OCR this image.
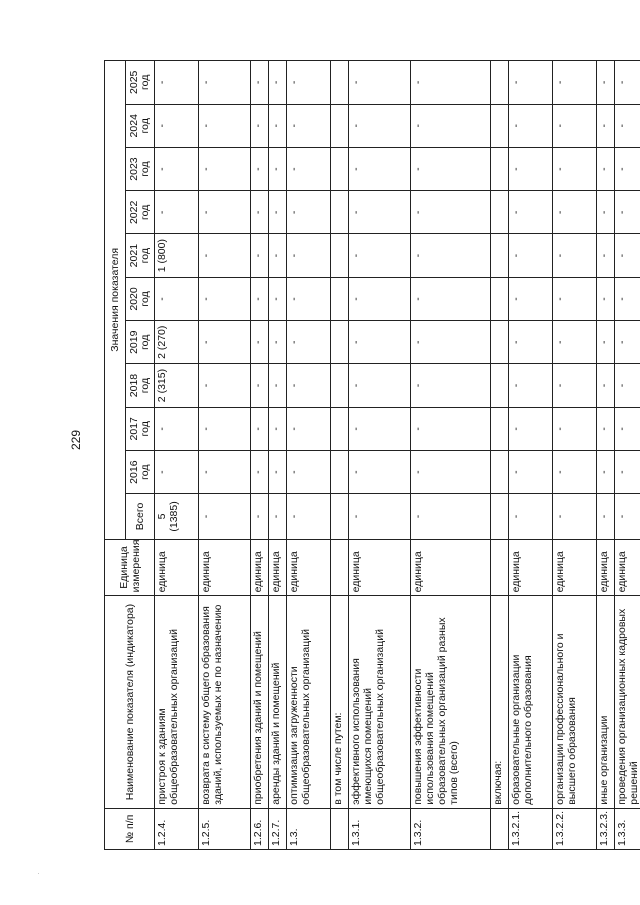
229
·
№ п/п	Наименование показателя (индикатора)	Единица измерения	Значения показателя										
			Всего	2016 год	2017 год	2018 год	2019 год	2020 год	2021 год	2022 год	2023 год	2024 год	2025 год
1.2.4.	пристроя к зданиям общеобразовательных организаций	единица	5 (1385)	-	-	2 (315)	2 (270)	-	1 (800)	-	-	-	-
1.2.5.	возврата в систему общего образования зданий, используемых не по назначению	единица	-	-	-	-	-	-	-	-	-	-	-
1.2.6.	приобретения зданий и помещений	единица	-	-	-	-	-	-	-	-	-	-	-
1.2.7.	аренды зданий и помещений	единица	-	-	-	-	-	-	-	-	-	-	-
1.3.	оптимизации загруженности общеобразовательных организаций	единица	-	-	-	-	-	-	-	-	-	-	-
	в том числе путем:												
1.3.1.	эффективного использования имеющихся помещений общеобразовательных организаций	единица	-	-	-	-	-	-	-	-	-	-	-
1.3.2.	повышения эффективности использования помещений образовательных организаций разных типов (всего)	единица	-	-	-	-	-	-	-	-	-	-	-
	включая:												
1.3.2.1.	образовательные организации дополнительного образования	единица	-	-	-	-	-	-	-	-	-	-	-
1.3.2.2.	организации профессионального и высшего образования	единица	-	-	-	-	-	-	-	-	-	-	-
1.3.2.3.	иные организации	единица	-	-	-	-	-	-	-	-	-	-	-
1.3.3.	проведения организационных кадровых решений	единица	-	-	-	-	-	-	-	-	-	-	-
